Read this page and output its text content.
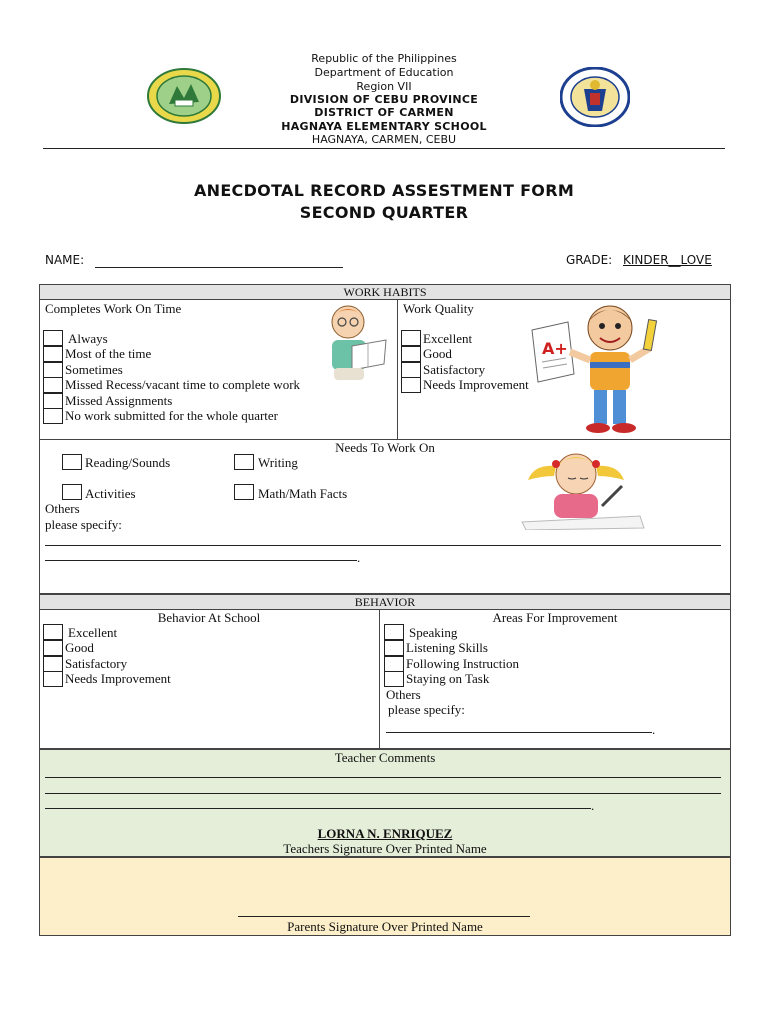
Republic of the Philippines
Department of Education
Region VII
DIVISION OF CEBU PROVINCE
DISTRICT OF CARMEN
HAGNAYA ELEMENTARY SCHOOL
HAGNAYA, CARMEN, CEBU
ANECDOTAL RECORD ASSESTMENT FORM
SECOND QUARTER
NAME:	GRADE: KINDER__LOVE
WORK HABITS
Completes Work On Time
Always
Most of the time
Sometimes
Missed Recess/vacant time to complete work
Missed Assignments
No work submitted for the whole quarter
Work Quality
Excellent
Good
Satisfactory
Needs Improvement
A+
Needs To Work On
Reading/Sounds	Writing
Activities	Math/Math Facts
Others
please specify:
.
BEHAVIOR
Behavior At School
Excellent
Good
Satisfactory
Needs Improvement
Areas For Improvement
Speaking
Listening Skills
Following Instruction
Staying on Task
Others
please specify:
.
Teacher Comments
.
LORNA N. ENRIQUEZ
Teachers Signature Over Printed Name
Parents Signature Over Printed Name
